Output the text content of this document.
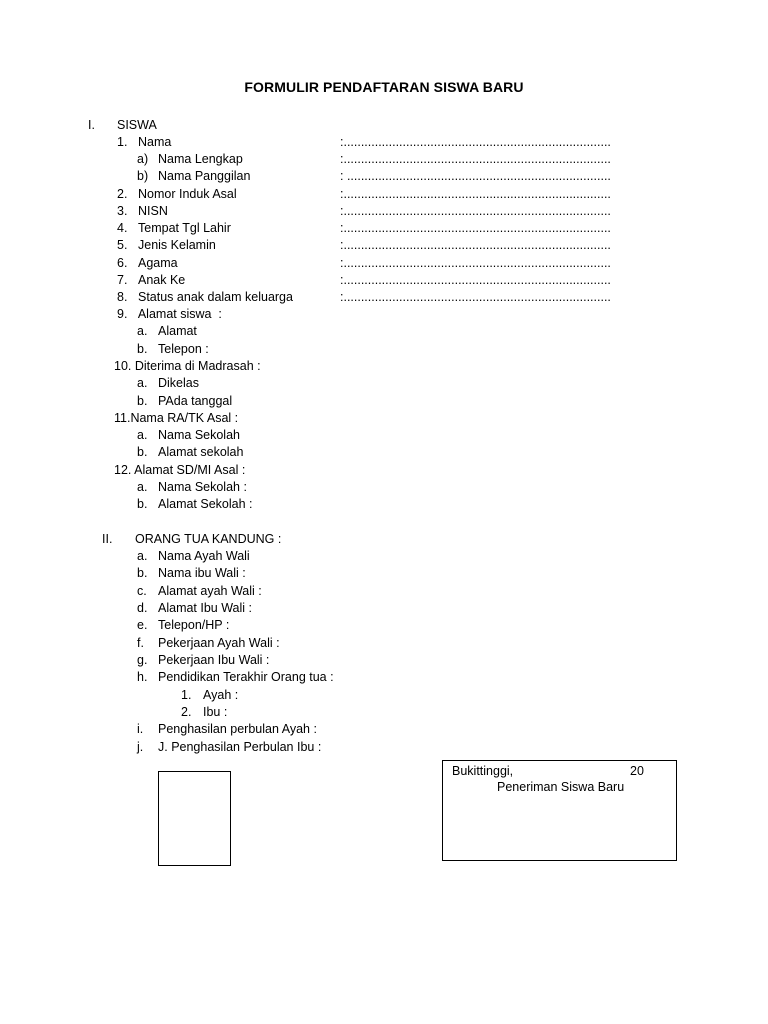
FORMULIR PENDAFTARAN SISWA BARU
I. SISWA
1. Nama	:.............................................................................
a) Nama Lengkap	:.............................................................................
b) Nama Panggilan	: ............................................................................
2. Nomor Induk Asal	:.............................................................................
3. NISN	:.............................................................................
4. Tempat Tgl Lahir	:.............................................................................
5. Jenis Kelamin	:.............................................................................
6. Agama	:.............................................................................
7. Anak Ke	:.............................................................................
8. Status anak dalam keluarga	:.............................................................................
9.   Alamat siswa  :
a. Alamat
b. Telepon :
10. Diterima di Madrasah :
a. Dikelas
b. PAda tanggal
11.Nama RA/TK Asal :
a. Nama Sekolah
b. Alamat sekolah
12. Alamat SD/MI Asal :
a. Nama Sekolah :
b. Alamat Sekolah :
II. ORANG TUA KANDUNG :
a. Nama Ayah Wali
b. Nama ibu Wali :
c. Alamat ayah Wali :
d. Alamat Ibu Wali :
e. Telepon/HP :
f. Pekerjaan Ayah Wali :
g. Pekerjaan Ibu Wali :
h. Pendidikan Terakhir Orang tua :
1. Ayah :
2. Ibu :
i. Penghasilan perbulan Ayah :
j. J. Penghasilan Perbulan Ibu :
Bukittinggi,	20
Peneriman Siswa Baru
